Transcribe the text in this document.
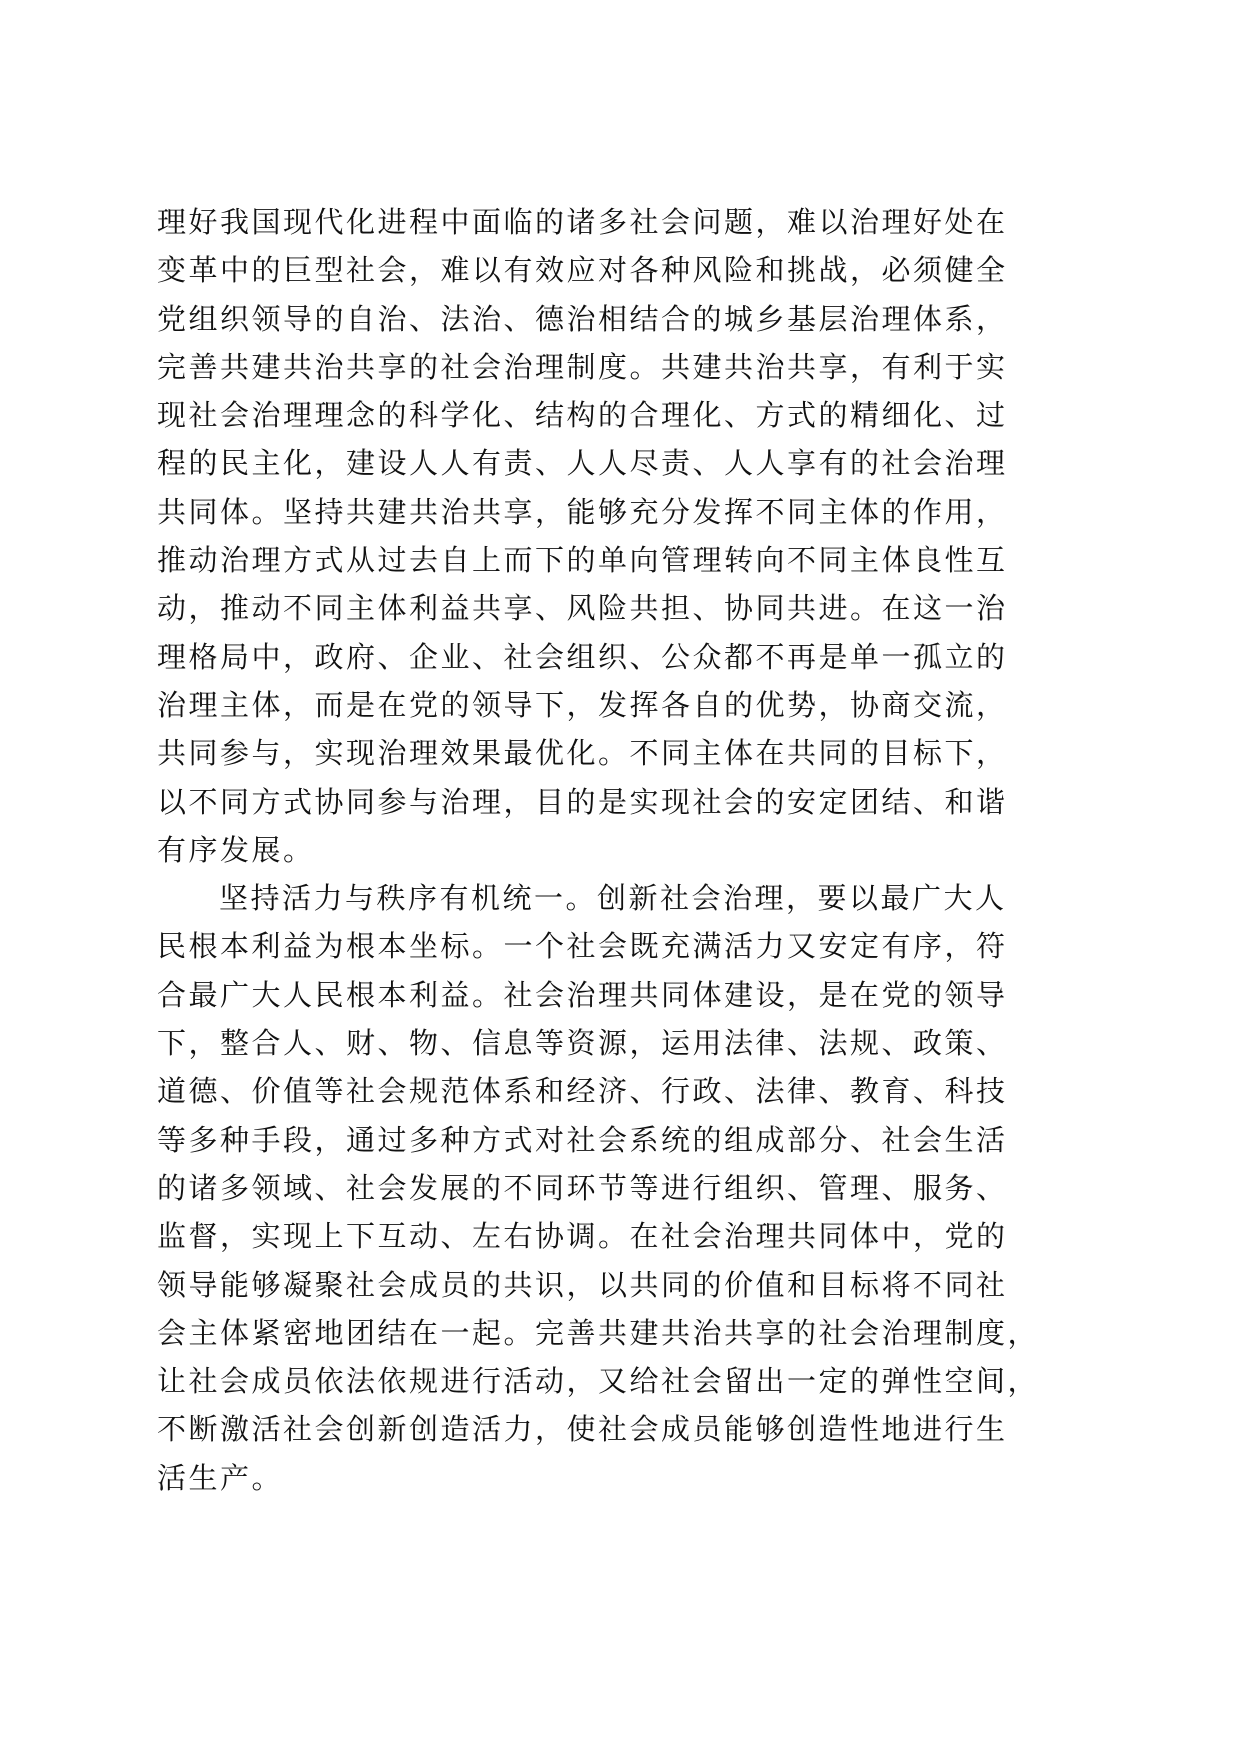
理好我国现代化进程中面临的诸多社会问题，难以治理好处在
变革中的巨型社会，难以有效应对各种风险和挑战，必须健全
党组织领导的自治、法治、德治相结合的城乡基层治理体系，
完善共建共治共享的社会治理制度。共建共治共享，有利于实
现社会治理理念的科学化、结构的合理化、方式的精细化、过
程的民主化，建设人人有责、人人尽责、人人享有的社会治理
共同体。坚持共建共治共享，能够充分发挥不同主体的作用，
推动治理方式从过去自上而下的单向管理转向不同主体良性互
动，推动不同主体利益共享、风险共担、协同共进。在这一治
理格局中，政府、企业、社会组织、公众都不再是单一孤立的
治理主体，而是在党的领导下，发挥各自的优势，协商交流，
共同参与，实现治理效果最优化。不同主体在共同的目标下，
以不同方式协同参与治理，目的是实现社会的安定团结、和谐
有序发展。
坚持活力与秩序有机统一。创新社会治理，要以最广大人
民根本利益为根本坐标。一个社会既充满活力又安定有序，符
合最广大人民根本利益。社会治理共同体建设，是在党的领导
下，整合人、财、物、信息等资源，运用法律、法规、政策、
道德、价值等社会规范体系和经济、行政、法律、教育、科技
等多种手段，通过多种方式对社会系统的组成部分、社会生活
的诸多领域、社会发展的不同环节等进行组织、管理、服务、
监督，实现上下互动、左右协调。在社会治理共同体中，党的
领导能够凝聚社会成员的共识，以共同的价值和目标将不同社
会主体紧密地团结在一起。完善共建共治共享的社会治理制度，
让社会成员依法依规进行活动，又给社会留出一定的弹性空间，
不断激活社会创新创造活力，使社会成员能够创造性地进行生
活生产。
